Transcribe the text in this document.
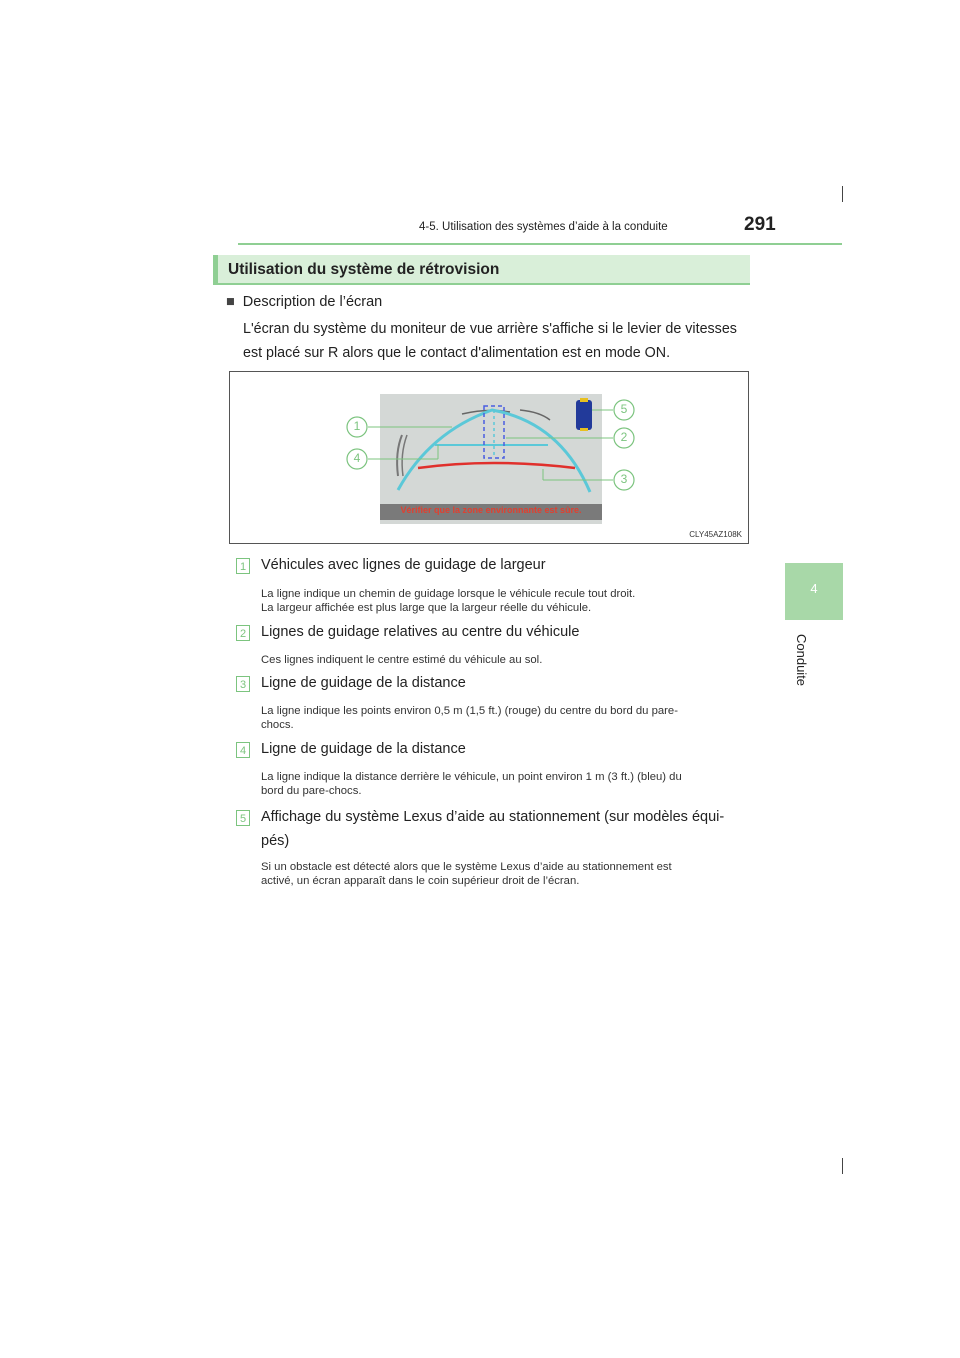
4-5. Utilisation des systèmes d’aide à la conduite	291
4
Conduite
Utilisation du système de rétrovision
■ Description de l’écran
L'écran du système du moniteur de vue arrière s'affiche si le levier de vitesses
est placé sur R alors que le contact d'alimentation est en mode ON.
Vérifier que la zone environnante est sûre.
1
4
5
2
3
CLY45AZ108K
1 Véhicules avec lignes de guidage de largeur
La ligne indique un chemin de guidage lorsque le véhicule recule tout droit.
La largeur affichée est plus large que la largeur réelle du véhicule.
2 Lignes de guidage relatives au centre du véhicule
Ces lignes indiquent le centre estimé du véhicule au sol.
3 Ligne de guidage de la distance
La ligne indique les points environ 0,5 m (1,5 ft.) (rouge) du centre du bord du pare-
chocs.
4 Ligne de guidage de la distance
La ligne indique la distance derrière le véhicule, un point environ 1 m (3 ft.) (bleu) du
bord du pare-chocs.
5 Affichage du système Lexus d’aide au stationnement (sur modèles équi-
pés)
Si un obstacle est détecté alors que le système Lexus d’aide au stationnement est
activé, un écran apparaît dans le coin supérieur droit de l’écran.
